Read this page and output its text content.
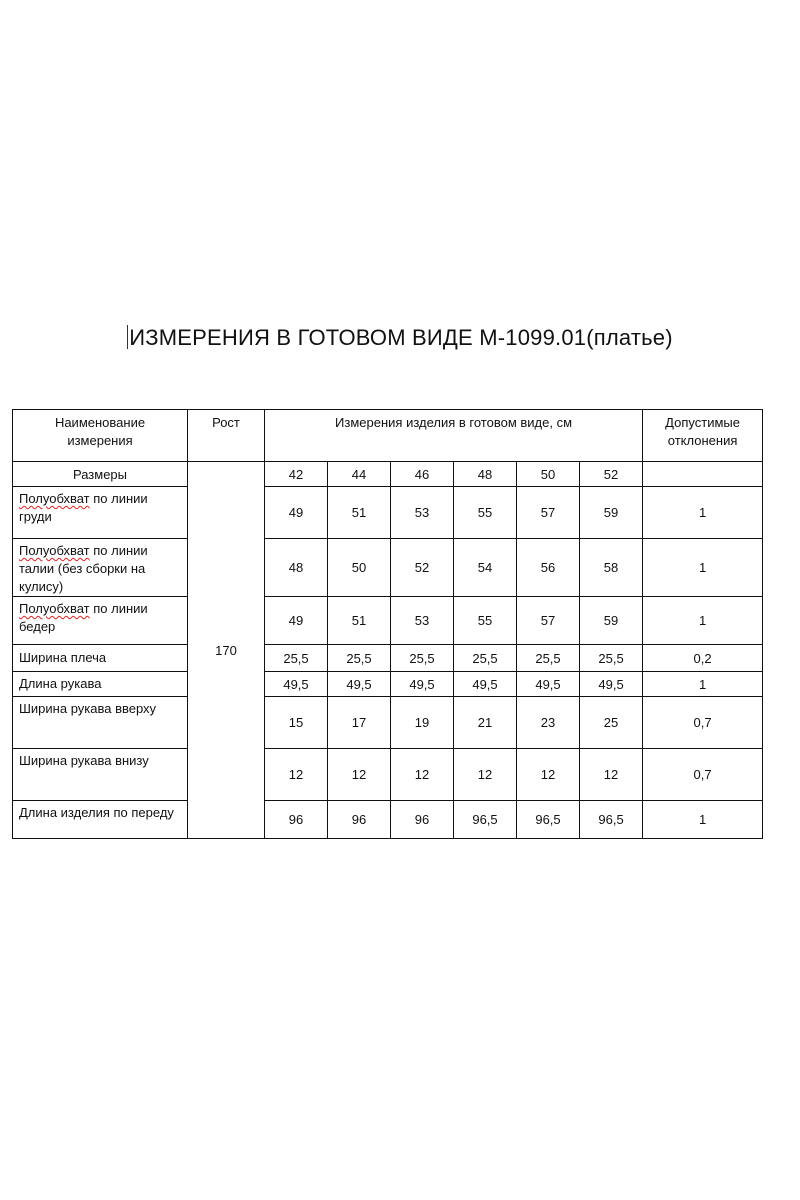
ИЗМЕРЕНИЯ В ГОТОВОМ ВИДЕ М-1099.01(платье)
Наименование измерения	Рост	Измерения изделия в готовом виде, см						Допустимые отклонения
Размеры	170	42	44	46	48	50	52	
Полуобхват по линии груди		49	51	53	55	57	59	1
Полуобхват по линии талии (без сборки на кулису)		48	50	52	54	56	58	1
Полуобхват по линии бедер		49	51	53	55	57	59	1
Ширина плеча		25,5	25,5	25,5	25,5	25,5	25,5	0,2
Длина рукава		49,5	49,5	49,5	49,5	49,5	49,5	1
Ширина рукава вверху		15	17	19	21	23	25	0,7
Ширина рукава внизу		12	12	12	12	12	12	0,7
Длина изделия по переду		96	96	96	96,5	96,5	96,5	1
